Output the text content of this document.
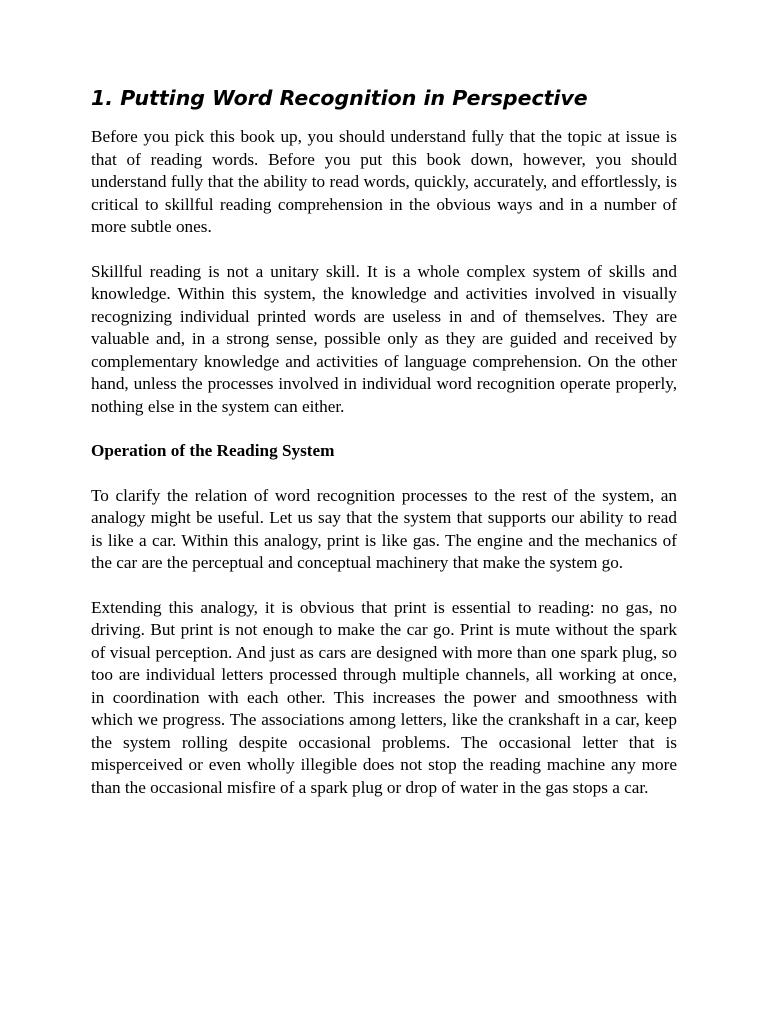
1. Putting Word Recognition in Perspective

Before you pick this book up, you should understand fully that the topic at issue is that of reading words. Before you put this book down, however, you should understand fully that the ability to read words, quickly, accurately, and effortlessly, is critical to skillful reading comprehension in the obvious ways and in a number of more subtle ones.

Skillful reading is not a unitary skill. It is a whole complex system of skills and knowledge. Within this system, the knowledge and activities involved in visually recognizing individual printed words are useless in and of themselves. They are valuable and, in a strong sense, possible only as they are guided and received by complementary knowledge and activities of language comprehension. On the other hand, unless the processes involved in individual word recognition operate properly, nothing else in the system can either.

Operation of the Reading System

To clarify the relation of word recognition processes to the rest of the system, an analogy might be useful. Let us say that the system that supports our ability to read is like a car. Within this analogy, print is like gas. The engine and the mechanics of the car are the perceptual and conceptual machinery that make the system go.

Extending this analogy, it is obvious that print is essential to reading: no gas, no driving. But print is not enough to make the car go. Print is mute without the spark of visual perception. And just as cars are designed with more than one spark plug, so too are individual letters processed through multiple channels, all working at once, in coordination with each other. This increases the power and smoothness with which we progress. The associations among letters, like the crankshaft in a car, keep the system rolling despite occasional problems. The occasional letter that is misperceived or even wholly illegible does not stop the reading machine any more than the occasional misfire of a spark plug or drop of water in the gas stops a car.
